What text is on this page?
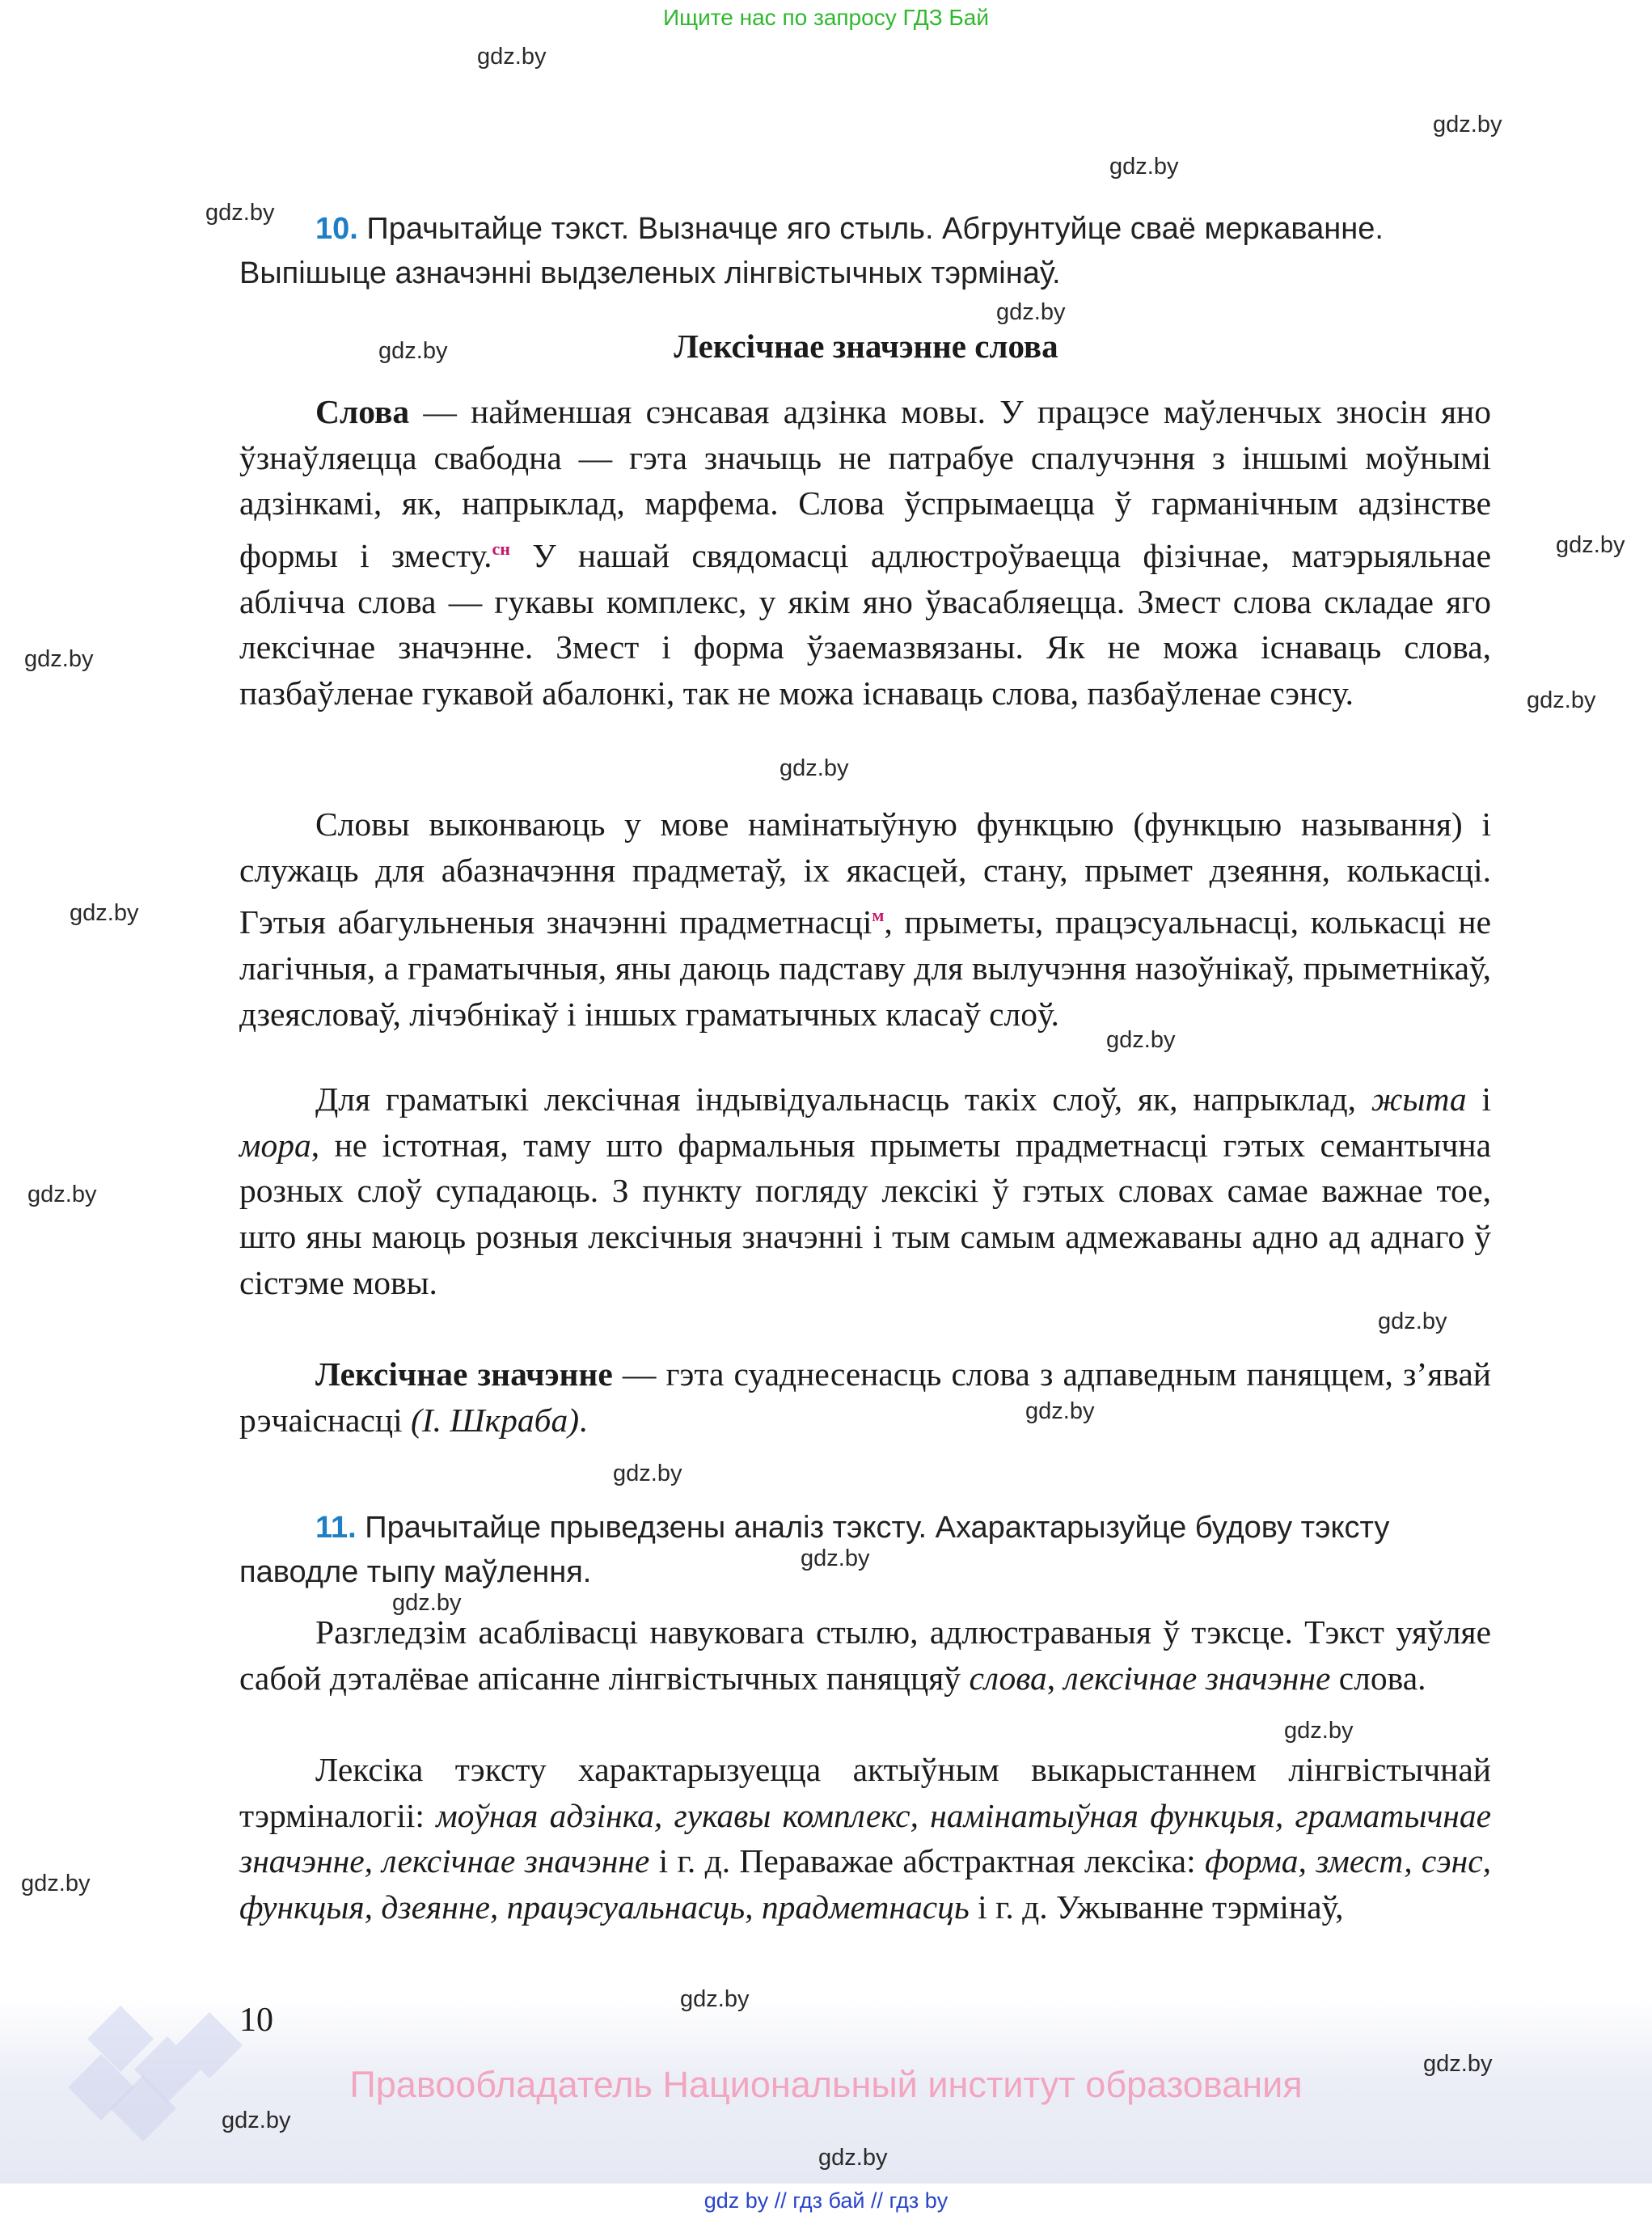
Ищите нас по запросу ГДЗ Бай
gdz.by
gdz.by
gdz.by
gdz.by
gdz.by
gdz.by
gdz.by
gdz.by
gdz.by
gdz.by
gdz.by
gdz.by
gdz.by
gdz.by
gdz.by
gdz.by
gdz.by
gdz.by
gdz.by
gdz.by
gdz.by
gdz.by
gdz.by
gdz.by
10. Прачытайце тэкст. Вызначце яго стыль. Абгрунтуйце сваё меркаванне.
Выпішыце азначэнні выдзеленых лінгвістычных тэрмінаў.
Лексічнае значэнне слова
Слова — найменшая сэнсавая адзінка мовы. У працэсе маўленчых зносін яно ўзнаўляецца свабодна — гэта значыць не патрабуе спалучэння з іншымі моўнымі адзінкамі, як, напрыклад, марфема. Слова ўспрымаецца ў гарманічным адзінстве формы і зместу.$^{сн}$ У нашай свядомасці адлюстроўваецца фізічнае, матэрыяльнае аблічча слова — гукавы комплекс, у якім яно ўвасабляецца. Змест слова складае яго лексічнае значэнне. Змест і форма ўзаемазвязаны. Як не можа існаваць слова, пазбаўленае гукавой абалонкі, так не можа існаваць слова, пазбаўленае сэнсу.
Словы выконваюць у мове намінатыўную функцыю (функцыю называння) і служаць для абазначэння прадметаў, іх якасцей, стану, прымет дзеяння, колькасці. Гэтыя абагульненыя значэнні прадметнасці$^м$, прыметы, працэсуальнасці, колькасці не лагічныя, а граматычныя, яны даюць падставу для вылучэння назоўнікаў, прыметнікаў, дзеясловаў, лічэбнікаў і іншых граматычных класаў слоў.
Для граматыкі лексічная індывідуальнасць такіх слоў, як, напрыклад, жыта і мора, не істотная, таму што фармальныя прыметы прадметнасці гэтых семантычна розных слоў супадаюць. З пункту погляду лексікі ў гэтых словах самае важнае тое, што яны маюць розныя лексічныя значэнні і тым самым адмежаваны адно ад аднаго ў сістэме мовы.
Лексічнае значэнне — гэта суаднесенасць слова з адпаведным паняццем, з’явай рэчаіснасці (І. Шкраба).
11. Прачытайце прыведзены аналіз тэксту. Ахарактарызуйце будову тэксту
паводле тыпу маўлення.
Разгледзім асаблівасці навуковага стылю, адлюстраваныя ў тэксце. Тэкст уяўляе сабой дэталёвае апісанне лінгвістычных паняццяў слова, лексічнае значэнне слова.
Лексіка тэксту характарызуецца актыўным выкарыстаннем лінгвістычнай тэрміналогіі: моўная адзінка, гукавы комплекс, намінатыўная функцыя, граматычнае значэнне, лексічнае значэнне і г. д. Пераважае абстрактная лексіка: форма, змест, сэнс, функцыя, дзеянне, працэсуальнасць, прадметнасць і г. д. Ужыванне тэрмінаў,
10
Правообладатель Национальный институт образования
gdz by // гдз бай // гдз by
